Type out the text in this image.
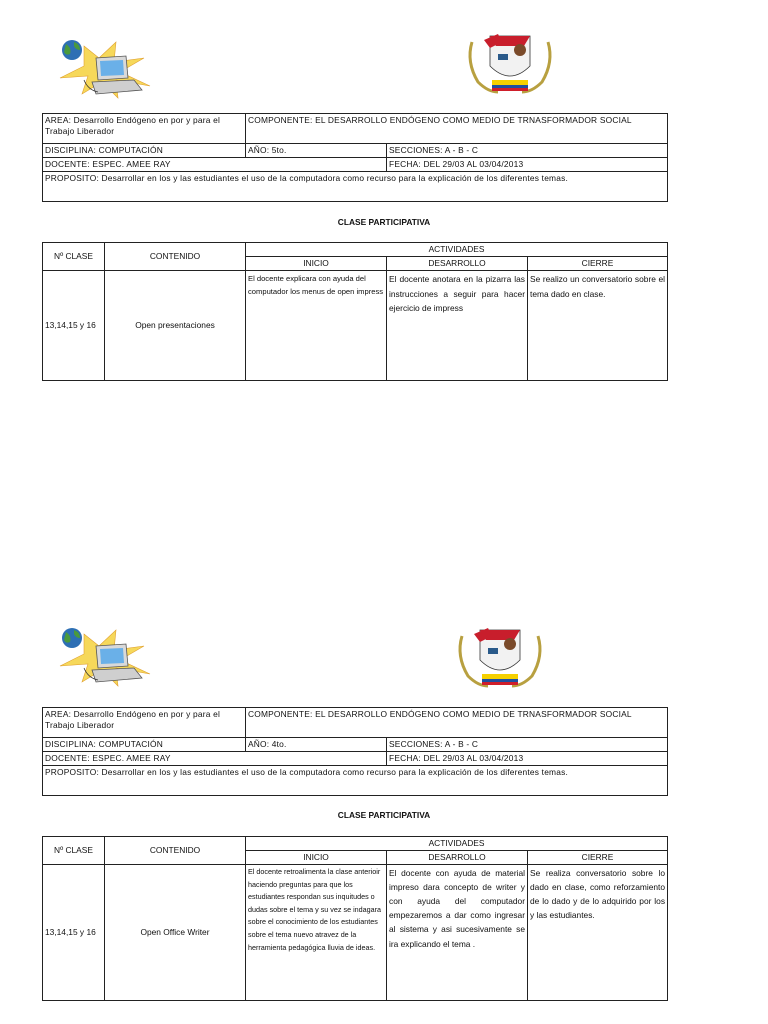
AREA: Desarrollo Endógeno en por y para el Trabajo Liberador	COMPONENTE: EL DESARROLLO ENDÓGENO COMO MEDIO DE TRNASFORMADOR SOCIAL	
DISCIPLINA: COMPUTACIÓN	AÑO: 5to.	SECCIONES: A - B - C
DOCENTE: ESPEC. AMEE RAY		FECHA: DEL 29/03 AL 03/04/2013
PROPOSITO: Desarrollar en los y las estudiantes el uso de la computadora como recurso para la explicación de los diferentes temas.		
CLASE PARTICIPATIVA
Nº CLASE	CONTENIDO	ACTIVIDADES		
		INICIO	DESARROLLO	CIERRE
13,14,15 y 16	Open presentaciones	El docente explicara con ayuda del computador los menus de open impress	El docente anotara en la pizarra las instrucciones a seguir para hacer ejercicio de impress	Se realizo un conversatorio sobre el tema dado en clase.
AREA: Desarrollo Endógeno en por y para el Trabajo Liberador	COMPONENTE: EL DESARROLLO ENDÓGENO COMO MEDIO DE TRNASFORMADOR SOCIAL	
DISCIPLINA: COMPUTACIÓN	AÑO: 4to.	SECCIONES: A - B - C
DOCENTE: ESPEC. AMEE RAY		FECHA: DEL 29/03 AL 03/04/2013
PROPOSITO: Desarrollar en los y las estudiantes el uso de la computadora como recurso para la explicación de los diferentes temas.		
CLASE PARTICIPATIVA
Nº CLASE	CONTENIDO	ACTIVIDADES		
		INICIO	DESARROLLO	CIERRE
13,14,15 y 16	Open Office Writer	El docente retroalimenta la clase anterioir haciendo preguntas para que los estudiantes respondan sus inquitudes o dudas sobre el tema y su vez se indagara sobre el conocimiento de los estudiantes sobre el tema nuevo atravez de la herramienta pedagógica lluvia de ideas.	El docente con ayuda de material impreso dara concepto de writer y con ayuda del computador empezaremos a dar como ingresar al sistema y asi sucesivamente se ira explicando el tema .	Se realiza conversatorio sobre lo dado en clase, como reforzamiento de lo dado y de lo adquirido por los y las estudiantes.
